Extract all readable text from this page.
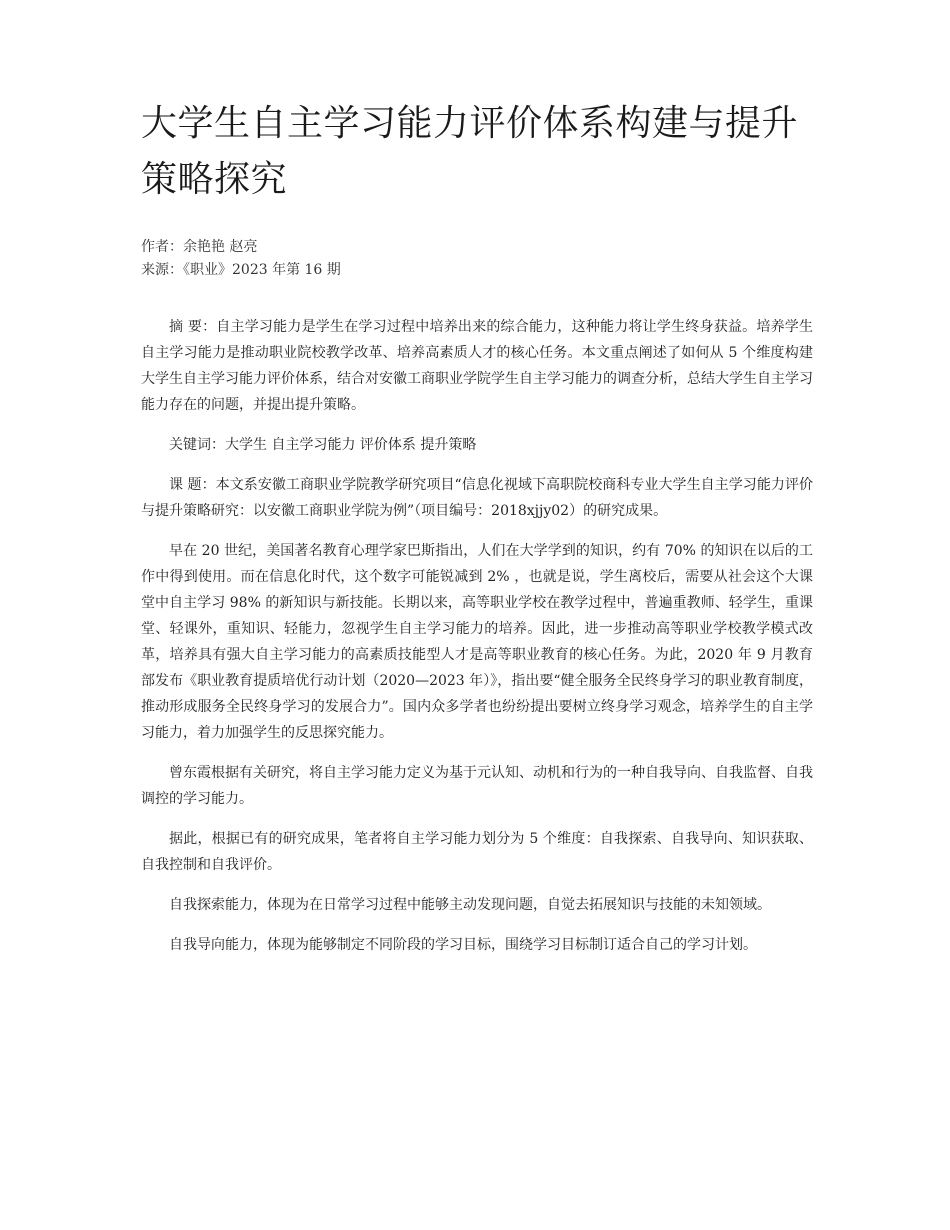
大学生自主学习能力评价体系构建与提升策略探究
作者：余艳艳 赵亮
来源：《职业》2023 年第 16 期

摘 要：自主学习能力是学生在学习过程中培养出来的综合能力，这种能力将让学生终身获益。培养学生自主学习能力是推动职业院校教学改革、培养高素质人才的核心任务。本文重点阐述了如何从 5 个维度构建大学生自主学习能力评价体系，结合对安徽工商职业学院学生自主学习能力的调查分析，总结大学生自主学习能力存在的问题，并提出提升策略。

关键词：大学生 自主学习能力 评价体系 提升策略

课 题：本文系安徽工商职业学院教学研究项目“信息化视域下高职院校商科专业大学生自主学习能力评价与提升策略研究：以安徽工商职业学院为例”（项目编号：2018xjjy02）的研究成果。

早在 20 世纪，美国著名教育心理学家巴斯指出，人们在大学学到的知识，约有 70% 的知识在以后的工作中得到使用。而在信息化时代，这个数字可能锐减到 2% ，也就是说，学生离校后，需要从社会这个大课堂中自主学习 98% 的新知识与新技能。长期以来，高等职业学校在教学过程中，普遍重教师、轻学生，重课堂、轻课外，重知识、轻能力，忽视学生自主学习能力的培养。因此，进一步推动高等职业学校教学模式改革，培养具有强大自主学习能力的高素质技能型人才是高等职业教育的核心任务。为此，2020 年 9 月教育部发布《职业教育提质培优行动计划（2020—2023 年）》，指出要“健全服务全民终身学习的职业教育制度，推动形成服务全民终身学习的发展合力”。国内众多学者也纷纷提出要树立终身学习观念，培养学生的自主学习能力，着力加强学生的反思探究能力。

曾东霞根据有关研究，将自主学习能力定义为基于元认知、动机和行为的一种自我导向、自我监督、自我调控的学习能力。

据此，根据已有的研究成果，笔者将自主学习能力划分为 5 个维度：自我探索、自我导向、知识获取、自我控制和自我评价。

自我探索能力，体现为在日常学习过程中能够主动发现问题，自觉去拓展知识与技能的未知领域。

自我导向能力，体现为能够制定不同阶段的学习目标，围绕学习目标制订适合自己的学习计划。
